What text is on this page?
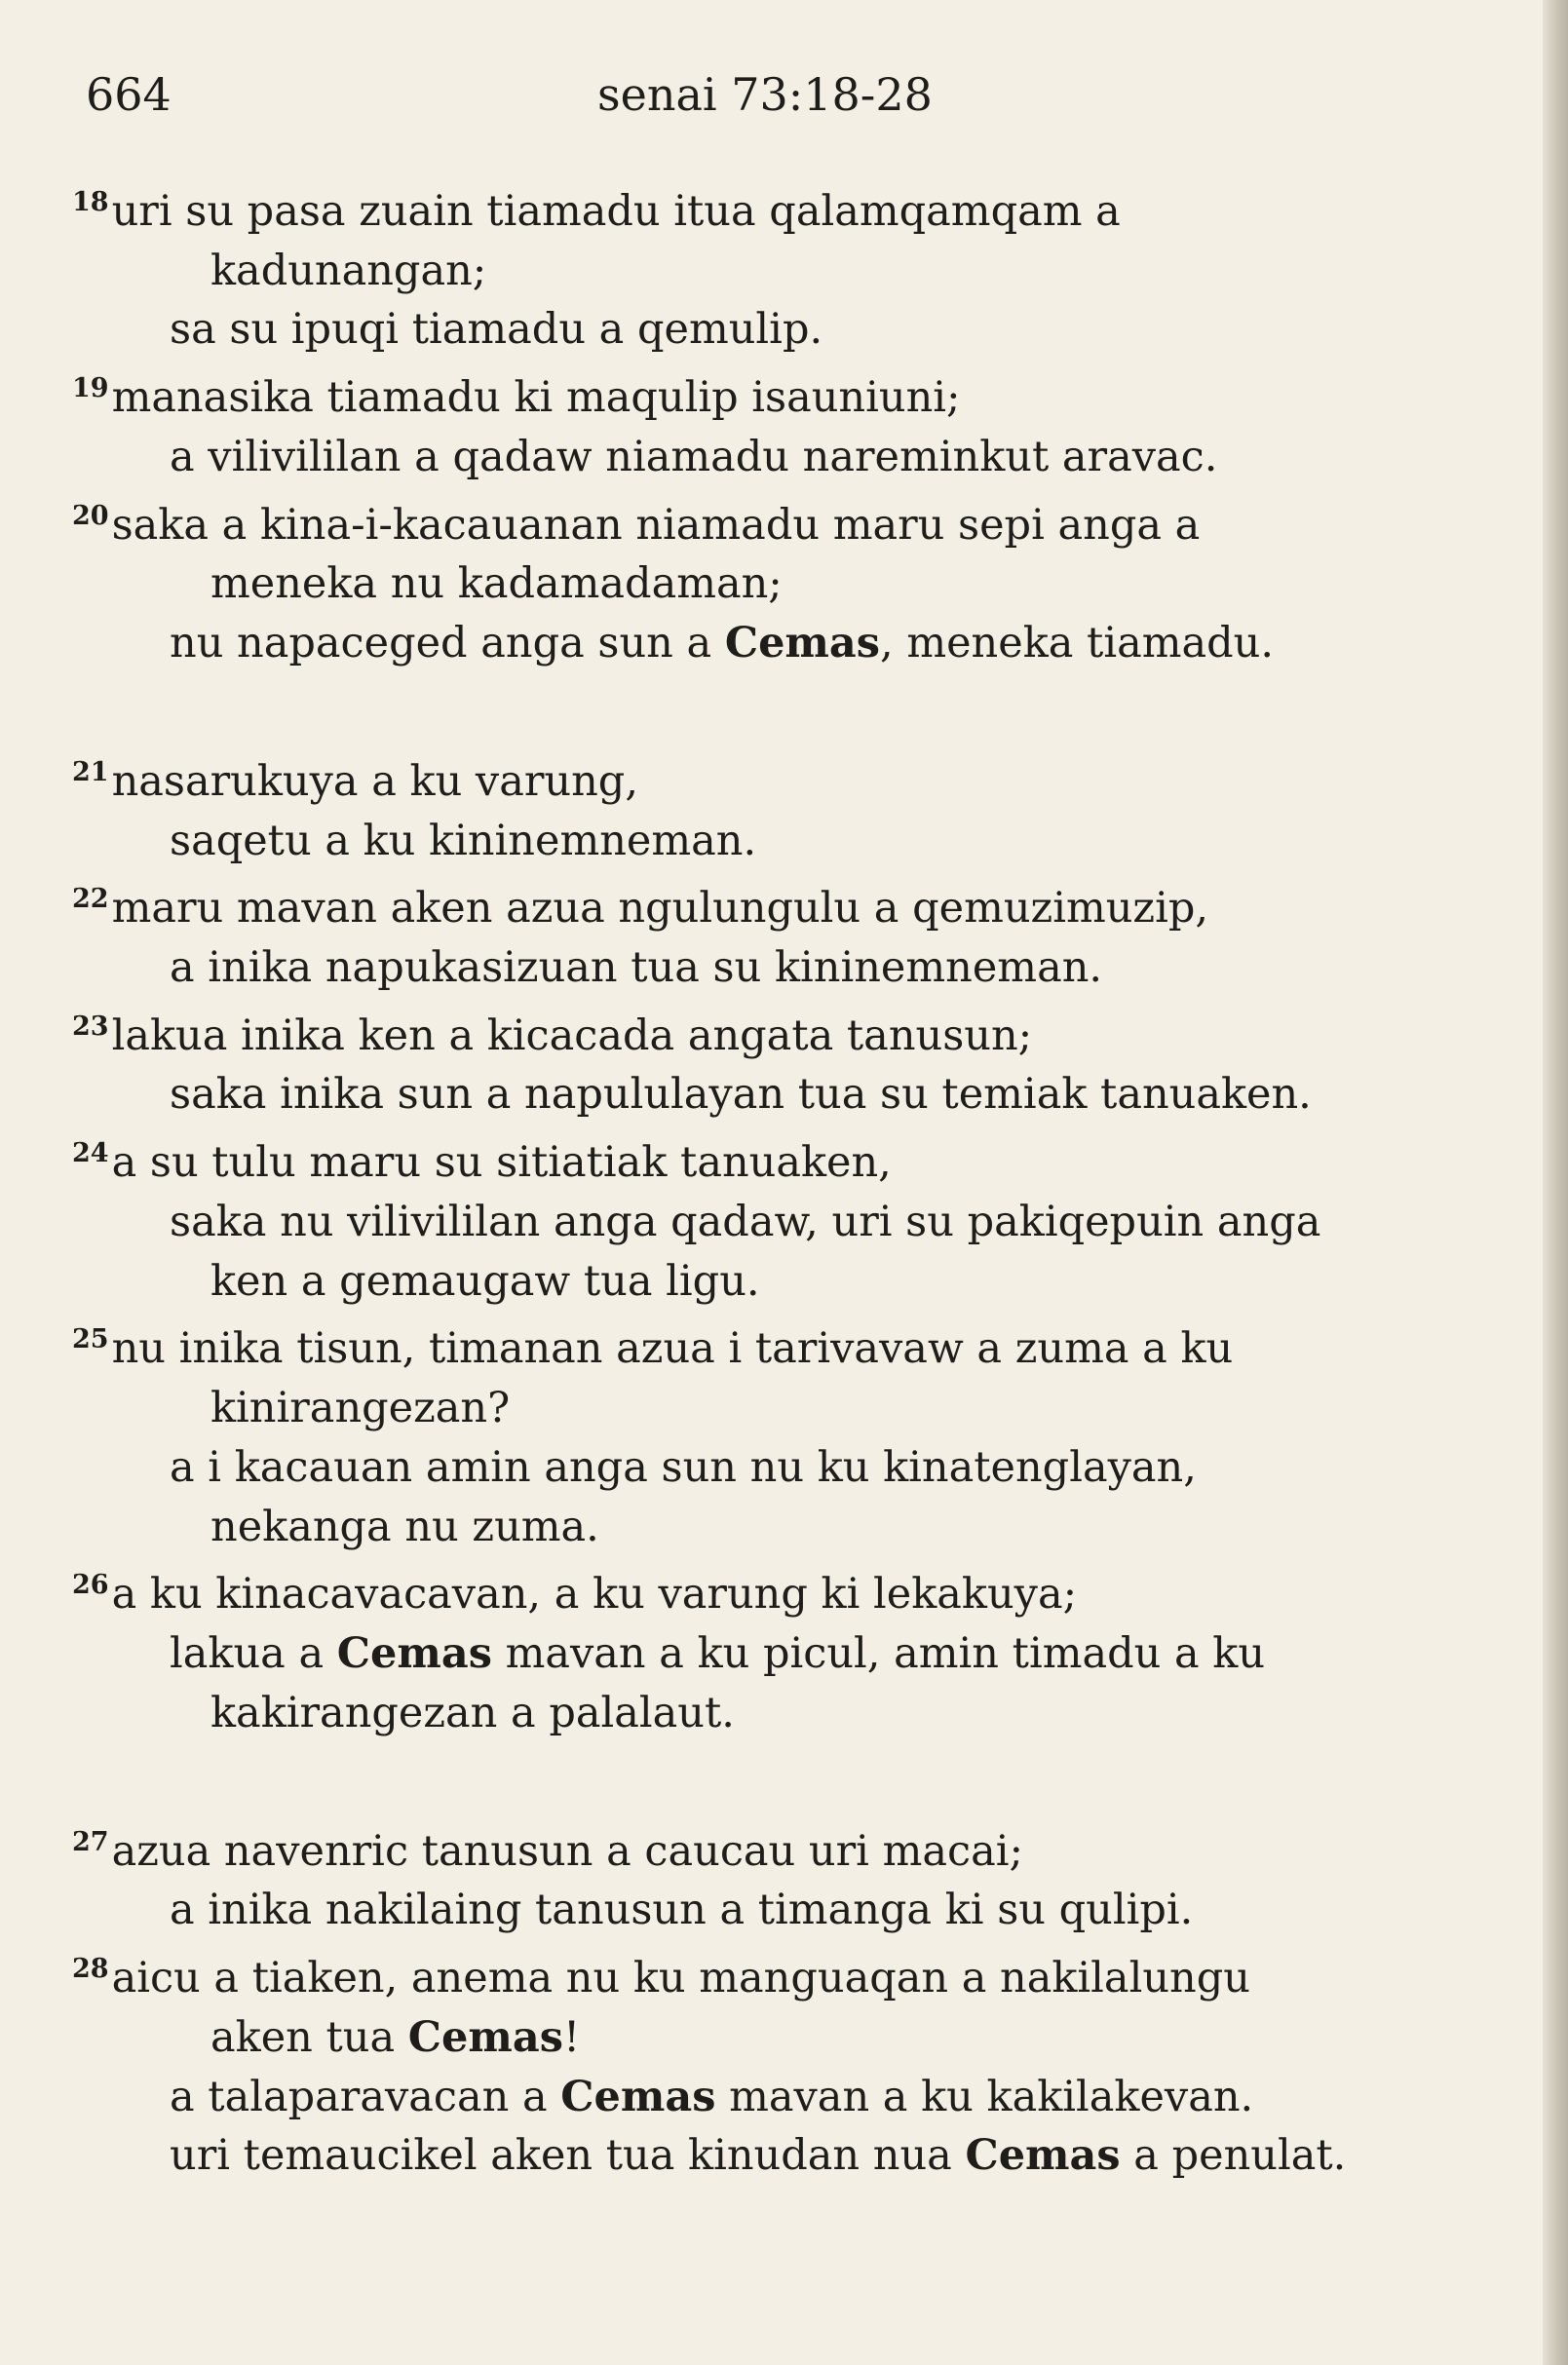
664	senai 73:18-28
$^{18}$uri su pasa zuain tiamadu itua qalamqamqam a
kadunangan;
sa su ipuqi tiamadu a qemulip.
$^{19}$manasika tiamadu ki maqulip isauniuni;
a vilivililan a qadaw niamadu nareminkut aravac.
$^{20}$saka a kina-i-kacauanan niamadu maru sepi anga a
meneka nu kadamadaman;
nu napaceged anga sun a Cemas, meneka tiamadu.
$^{21}$nasarukuya a ku varung,
saqetu a ku kininemneman.
$^{22}$maru mavan aken azua ngulungulu a qemuzimuzip,
a inika napukasizuan tua su kininemneman.
$^{23}$lakua inika ken a kicacada angata tanusun;
saka inika sun a napululayan tua su temiak tanuaken.
$^{24}$a su tulu maru su sitiatiak tanuaken,
saka nu vilivililan anga qadaw, uri su pakiqepuin anga
ken a gemaugaw tua ligu.
$^{25}$nu inika tisun, timanan azua i tarivavaw a zuma a ku
kinirangezan?
a i kacauan amin anga sun nu ku kinatenglayan,
nekanga nu zuma.
$^{26}$a ku kinacavacavan, a ku varung ki lekakuya;
lakua a Cemas mavan a ku picul, amin timadu a ku
kakirangezan a palalaut.
$^{27}$azua navenric tanusun a caucau uri macai;
a inika nakilaing tanusun a timanga ki su qulipi.
$^{28}$aicu a tiaken, anema nu ku manguaqan a nakilalungu
aken tua Cemas!
a talaparavacan a Cemas mavan a ku kakilakevan.
uri temaucikel aken tua kinudan nua Cemas a penulat.
